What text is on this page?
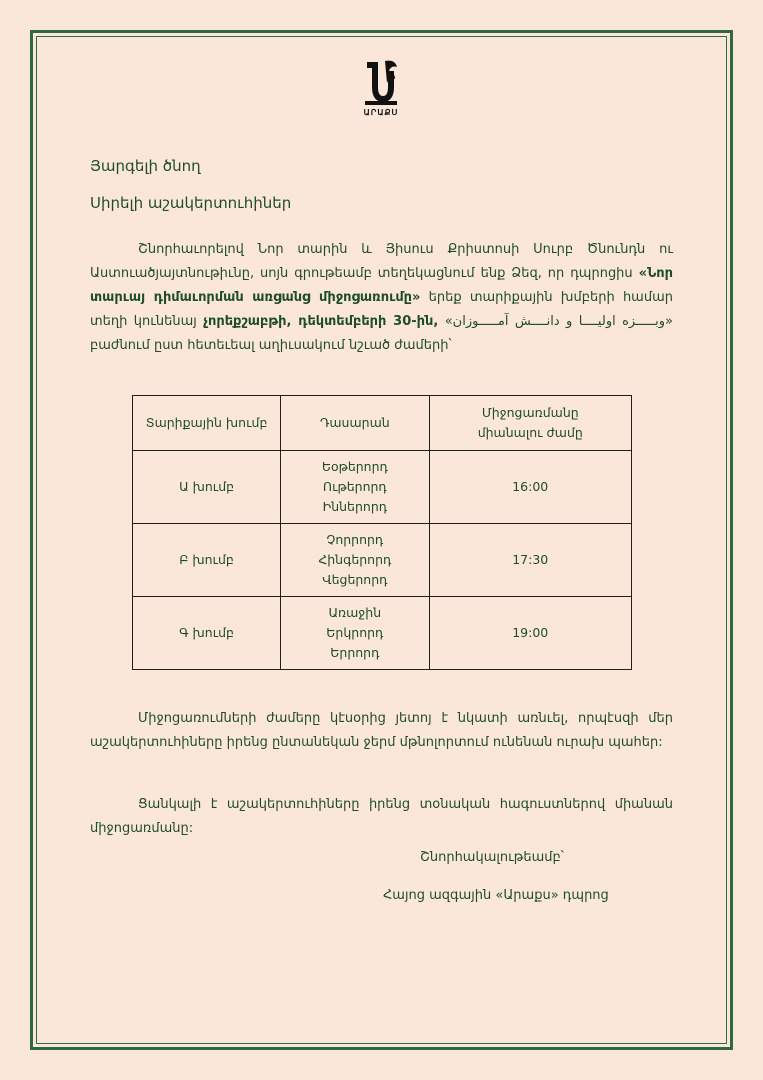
ԱՐԱՔՍ
Յարգելի ծնող
Սիրելի աշակերտուհիներ
Շնորհաւորելով Նոր տարին և Յիսուս Քրիստոսի Սուրբ Ծնունդն ու Աստուածյայտնութիւնը, սոյն գրութեամբ տեղեկացնում ենք Ձեզ, որ դպրոցիս «Նոր տարւայ դիմաւորման առցանց միջոցառումը» երեք տարիքային խմբերի համար տեղի կունենայ չորեքշաբթի, դեկտեմբերի 30-ին, «وبـــــزه اولیــــا و دانــــش آمـــــوزان» բաժնում ըստ հետեւեալ աղիւսակում նշւած ժամերի՝
Տարիքային խումբ	Դասարան	Միջոցառմանը միանալու ժամը
Ա խումբ	Եօթերորդ
Ութերորդ
Իններորդ	16:00
Բ խումբ	Չորրորդ
Հինգերորդ
Վեցերորդ	17:30
Գ խումբ	Առաջին
Երկրորդ
Երրորդ	19:00
Միջոցառումների ժամերը կէսօրից յետոյ է նկատի առնւել, որպէսզի մեր աշակերտուհիները իրենց ընտանեկան ջերմ մթնոլորտում ունենան ուրախ պահեր:
Ցանկալի է աշակերտուհիները իրենց տօնական հագուստներով միանան միջոցառմանը:
Շնորհակալութեամբ՝
Հայոց ազգային «Արաքս» դպրոց
